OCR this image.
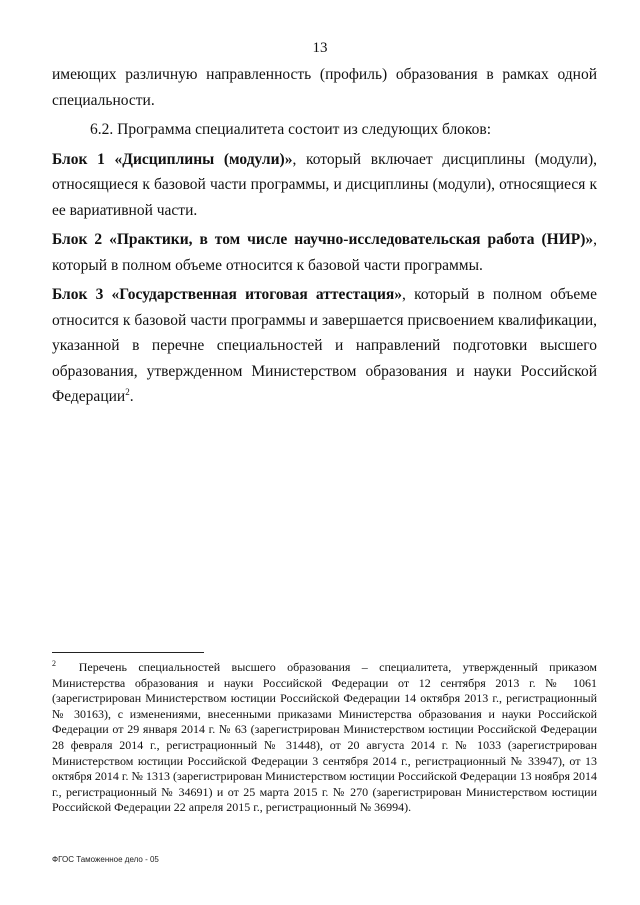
13

имеющих различную направленность (профиль) образования в рамках одной специальности.

6.2. Программа специалитета состоит из следующих блоков:

Блок 1 «Дисциплины (модули)», который включает дисциплины (модули), относящиеся к базовой части программы, и дисциплины (модули), относящиеся к ее вариативной части.

Блок 2 «Практики, в том числе научно-исследовательская работа (НИР)», который в полном объеме относится к базовой части программы.

Блок 3 «Государственная итоговая аттестация», который в полном объеме относится к базовой части программы и завершается присвоением квалификации, указанной в перечне специальностей и направлений подготовки высшего образования, утвержденном Министерством образования и науки Российской Федерации$^2$.

$^2$ Перечень специальностей высшего образования – специалитета, утвержденный приказом Министерства образования и науки Российской Федерации от 12 сентября 2013 г. № 1061 (зарегистрирован Министерством юстиции Российской Федерации 14 октября 2013 г., регистрационный № 30163), с изменениями, внесенными приказами Министерства образования и науки Российской Федерации от 29 января 2014 г. № 63 (зарегистрирован Министерством юстиции Российской Федерации 28 февраля 2014 г., регистрационный № 31448), от 20 августа 2014 г. № 1033 (зарегистрирован Министерством юстиции Российской Федерации 3 сентября 2014 г., регистрационный № 33947), от 13 октября 2014 г. № 1313 (зарегистрирован Министерством юстиции Российской Федерации 13 ноября 2014 г., регистрационный № 34691) и от 25 марта 2015 г. № 270 (зарегистрирован Министерством юстиции Российской Федерации 22 апреля 2015 г., регистрационный № 36994).
ФГОС Таможенное дело - 05
